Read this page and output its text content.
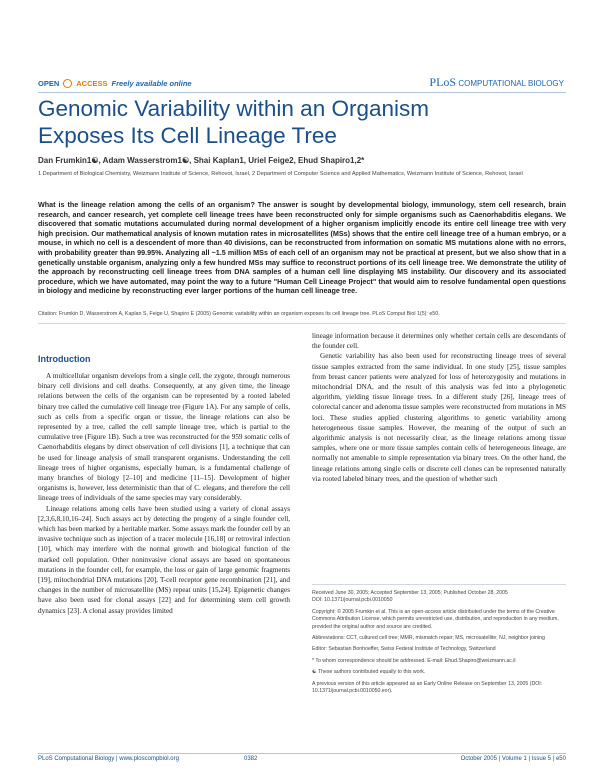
OPEN ACCESS Freely available online	PLoS COMPUTATIONAL BIOLOGY
Genomic Variability within an Organism
Exposes Its Cell Lineage Tree
Dan Frumkin1☯, Adam Wasserstrom1☯, Shai Kaplan1, Uriel Feige2, Ehud Shapiro1,2*
1 Department of Biological Chemistry, Weizmann Institute of Science, Rehovot, Israel, 2 Department of Computer Science and Applied Mathematics, Weizmann Institute of Science, Rehovot, Israel
What is the lineage relation among the cells of an organism? The answer is sought by developmental biology, immunology, stem cell research, brain research, and cancer research, yet complete cell lineage trees have been reconstructed only for simple organisms such as Caenorhabditis elegans. We discovered that somatic mutations accumulated during normal development of a higher organism implicitly encode its entire cell lineage tree with very high precision. Our mathematical analysis of known mutation rates in microsatellites (MSs) shows that the entire cell lineage tree of a human embryo, or a mouse, in which no cell is a descendent of more than 40 divisions, can be reconstructed from information on somatic MS mutations alone with no errors, with probability greater than 99.95%. Analyzing all ~1.5 million MSs of each cell of an organism may not be practical at present, but we also show that in a genetically unstable organism, analyzing only a few hundred MSs may suffice to reconstruct portions of its cell lineage tree. We demonstrate the utility of the approach by reconstructing cell lineage trees from DNA samples of a human cell line displaying MS instability. Our discovery and its associated procedure, which we have automated, may point the way to a future "Human Cell Lineage Project" that would aim to resolve fundamental open questions in biology and medicine by reconstructing ever larger portions of the human cell lineage tree.
Citation: Frumkin D, Wasserstrom A, Kaplan S, Feige U, Shapiro E (2005) Genomic variability within an organism exposes its cell lineage tree. PLoS Comput Biol 1(5): e50.
Introduction

A multicellular organism develops from a single cell, the zygote, through numerous binary cell divisions and cell deaths. Consequently, at any given time, the lineage relations between the cells of the organism can be represented by a rooted labeled binary tree called the cumulative cell lineage tree (Figure 1A). For any sample of cells, such as cells from a specific organ or tissue, the lineage relations can also be represented by a tree, called the cell sample lineage tree, which is partial to the cumulative tree (Figure 1B). Such a tree was reconstructed for the 959 somatic cells of Caenorhabditis elegans by direct observation of cell divisions [1], a technique that can be used for lineage analysis of small transparent organisms. Understanding the cell lineage trees of higher organisms, especially human, is a fundamental challenge of many branches of biology [2–10] and medicine [11–15]. Development of higher organisms is, however, less deterministic than that of C. elegans, and therefore the cell lineage trees of individuals of the same species may vary considerably.

Lineage relations among cells have been studied using a variety of clonal assays [2,3,6,8,10,16–24]. Such assays act by detecting the progeny of a single founder cell, which has been marked by a heritable marker. Some assays mark the founder cell by an invasive technique such as injection of a tracer molecule [16,18] or retroviral infection [10], which may interfere with the normal growth and biological function of the marked cell population. Other noninvasive clonal assays are based on spontaneous mutations in the founder cell, for example, the loss or gain of large genomic fragments [19], mitochondrial DNA mutations [20], T-cell receptor gene recombination [21], and changes in the number of microsatellite (MS) repeat units [15,24]. Epigenetic changes have also been used for clonal assays [22] and for determining stem cell growth dynamics [23]. A clonal assay provides limited

lineage information because it determines only whether certain cells are descendants of the founder cell.

Genetic variability has also been used for reconstructing lineage trees of several tissue samples extracted from the same individual. In one study [25], tissue samples from breast cancer patients were analyzed for loss of heterozygosity and mutations in mitochondrial DNA, and the result of this analysis was fed into a phylogenetic algorithm, yielding tissue lineage trees. In a different study [26], lineage trees of colorectal cancer and adenoma tissue samples were reconstructed from mutations in MS loci. These studies applied clustering algorithms to genetic variability among heterogeneous tissue samples. However, the meaning of the output of such an algorithmic analysis is not necessarily clear, as the lineage relations among tissue samples, where one or more tissue samples contain cells of heterogeneous lineage, are normally not amenable to simple representation via binary trees. On the other hand, the lineage relations among single cells or discrete cell clones can be represented naturally via rooted labeled binary trees, and the question of whether such

Received June 30, 2005; Accepted September 13, 2005; Published October 28, 2005
DOI: 10.1371/journal.pcbi.0010050

Copyright: © 2005 Frumkin et al. This is an open-access article distributed under the terms of the Creative Commons Attribution License, which permits unrestricted use, distribution, and reproduction in any medium, provided the original author and source are credited.

Abbreviations: CCT, cultured cell tree; MMR, mismatch repair; MS, microsatellite; NJ, neighbor joining

Editor: Sebastian Bonhoeffer, Swiss Federal Institute of Technology, Switzerland

* To whom correspondence should be addressed. E-mail: Ehud.Shapiro@weizmann.ac.il

☯ These authors contributed equally to this work.

A previous version of this article appeared as an Early Online Release on September 13, 2005 (DOI: 10.1371/journal.pcbi.0010050.eor).

PLoS Computational Biology | www.ploscompbiol.org	0382	October 2005 | Volume 1 | Issue 5 | e50
